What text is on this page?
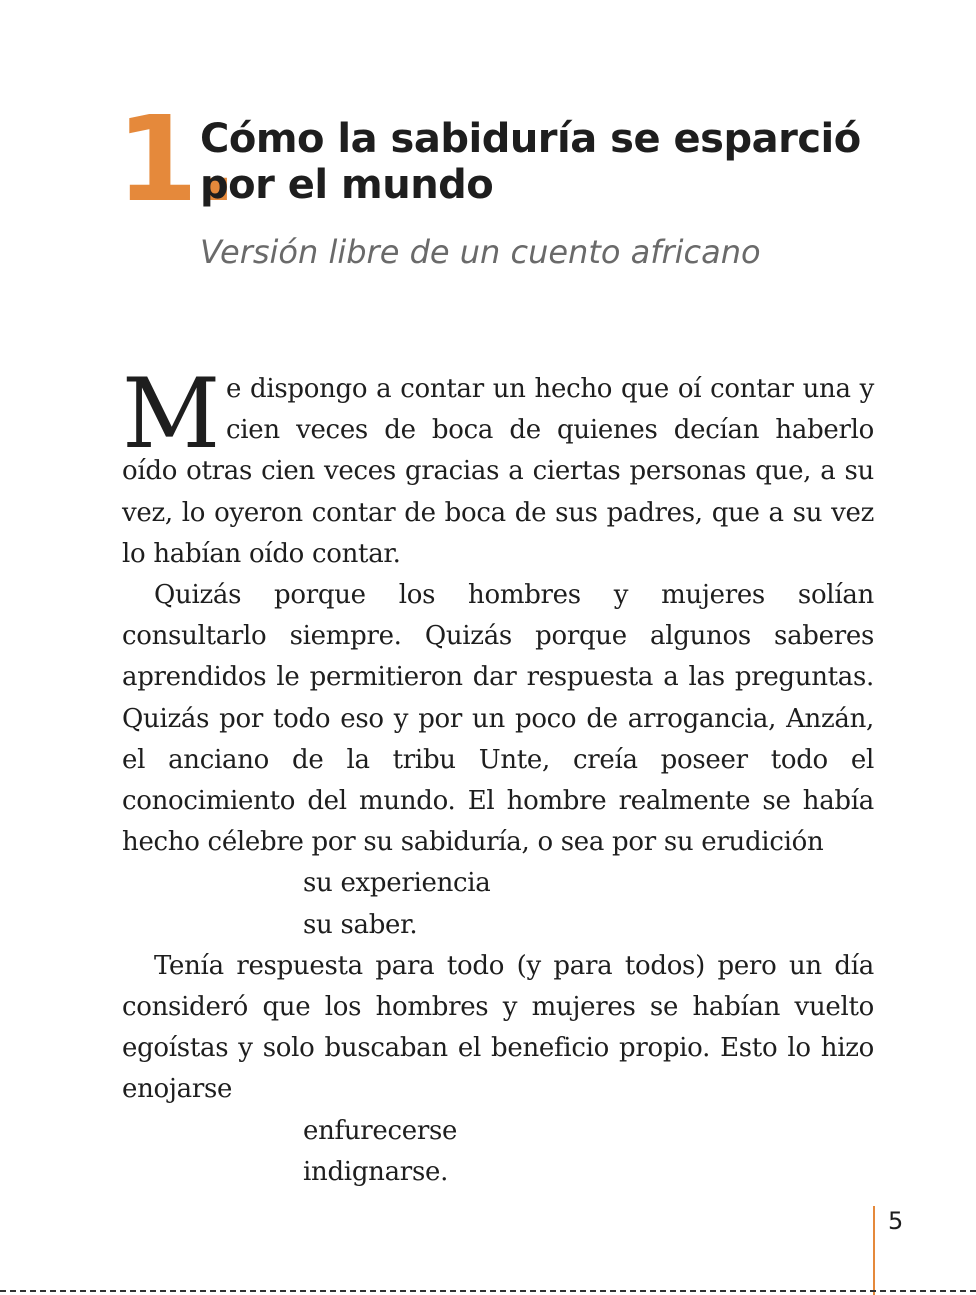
1.
Cómo la sabiduría se esparció por el mundo
Versión libre de un cuento africano

Me dispongo a contar un hecho que oí contar una y cien veces de boca de quienes decían haberlo oído otras cien veces gracias a ciertas personas que, a su vez, lo oyeron contar de boca de sus padres, que a su vez lo habían oído contar.

Quizás porque los hombres y mujeres solían consultarlo siempre. Quizás porque algunos saberes aprendidos le permitieron dar respuesta a las preguntas. Quizás por todo eso y por un poco de arrogancia, Anzán, el anciano de la tribu Unte, creía poseer todo el conocimiento del mundo. El hombre realmente se había hecho célebre por su sabiduría, o sea por su erudición

su experiencia

su saber.

Tenía respuesta para todo (y para todos) pero un día consideró que los hombres y mujeres se habían vuelto egoístas y solo buscaban el beneficio propio. Esto lo hizo enojarse

enfurecerse

indignarse.

5
